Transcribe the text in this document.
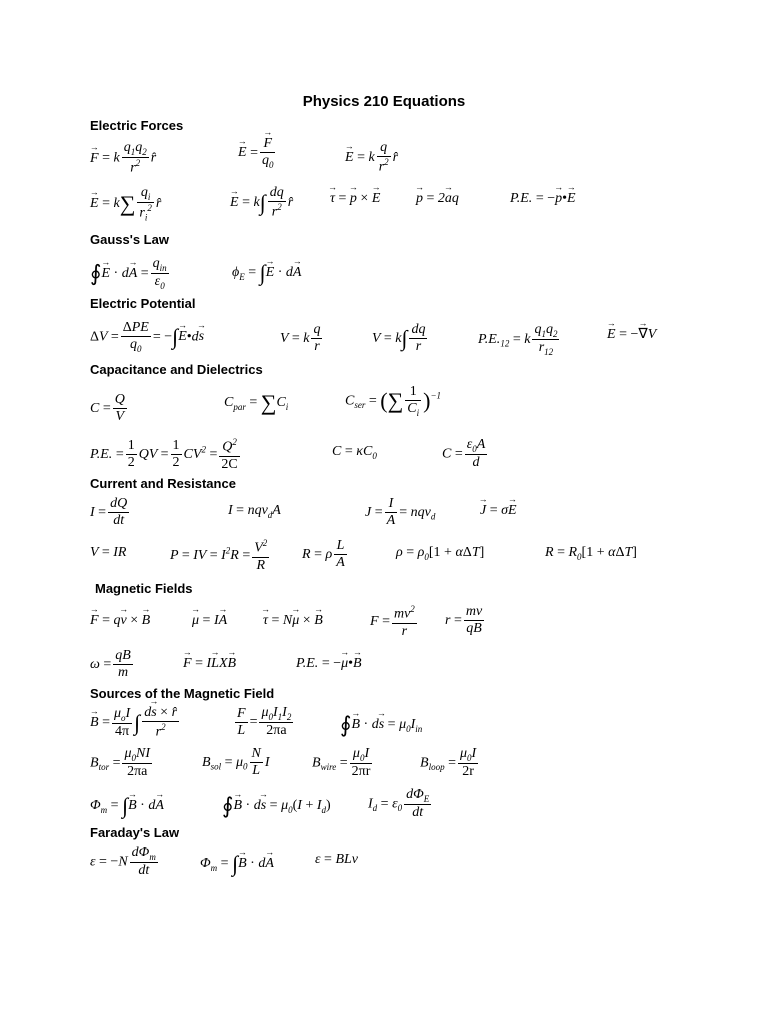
Physics 210 Equations
Electric Forces
→ F = k $\frac{q_1q_2}{r^2}$ r̂	→ E = → $\frac{F}{q_0}$	→ E = k $\frac{q}{r^2}$ r̂
→ $E = k\sum \frac{q_i}{r_i^2}$ r̂	→ $E = k\int \frac{dq}{r^2}$ r̂	→ τ = → p × → E	→ p = 2→ aq	P.E. = −→ p•→ E
Gauss's Law
∮→ $E \cdot d\to A = \frac{q_{in}}{\varepsilon_0}$	$\phi_E$ = ∫→ E · d→ A
Electric Potential
$\Delta V = \frac{\text{ΔPE}}{q_0}$ = −∫→ E•d→ s	V = k $\frac{q}{r}$	$V = k\int \frac{dq}{r}$	$P.E._{12} = k \frac{q_1q_2}{r_{12}}$	→ E = −→ ∇V
Capacitance and Dielectrics
$C = \frac{Q}{V}$	$C_{par} = \sum C_i$	$C_{ser}$ = (∑ $\frac{1}{C_i} )^{-1}$
P.E. = $\frac{1}{2}$ QV = $\frac{1}{2} CV^2 = \frac{Q^2}{2C}$	$C = \kappa C_0$	$C = \frac{\varepsilon_0A}{d}$
Current and Resistance
$I = \frac{dQ}{dt}$	I = nqv$_d$A	$J = \frac{I}{A} = nqv_d$	→ J = σ→ E
V = IR	P = IV = $I^2R = \frac{V^2}{R}$ R = ρ $\frac{L}{A}$	$\rho = \rho_0[1 + \alpha\Delta T]$	$R = R_0[1 + \alpha\Delta T]$
Magnetic Fields
→ F = q→ v × → B	→ μ = I→ A	→ τ = N→ μ × → B	$F = \frac{mv^2}{r}$ $r = \frac{mv}{qB}$
$\omega = \frac{qB}{m}$	→ F = I→ LX→ B	P.E. = −→ μ•→ B
Sources of the Magnetic Field
→ $B = \frac{\mu_oI}{4\pi}$ ∫ $\frac{d\to s \times r̂}{r^2}$	$\frac{F}{L} = \frac{\mu_0I_1I_2}{2\pi a}$ ∮→ $B \cdot d\to s = \mu_0I_{in}$
$B_{tor} = \frac{\mu_0NI}{2\pi a}$	$B_{sol} = \mu_0 \frac{N}{L}$ I	$B_{wire} = \frac{\mu_0I}{2\pi r}$	$B_{loop} = \frac{\mu_0I}{2r}$
$\Phi_m$ = ∫→ B · d→ A	∮→ $B \cdot d\to s = \mu_0(I + I_d)$	$I_d = \varepsilon_0 \frac{d\Phi_E}{dt}$
Faraday's Law
$\varepsilon = -N \frac{d\Phi_m}{dt}$	$\Phi_m$ = ∫→ B · d→ A	ε = BLv
